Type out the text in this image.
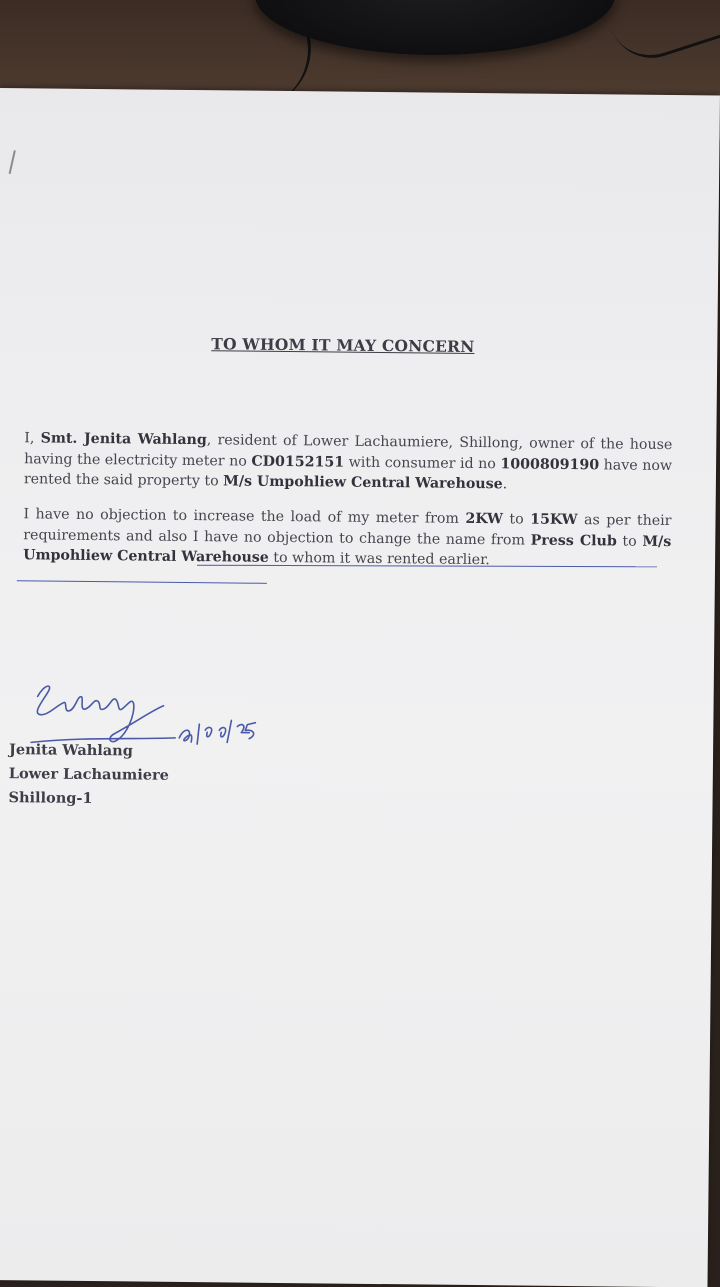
TO WHOM IT MAY CONCERN
I, Smt. Jenita Wahlang, resident of Lower Lachaumiere, Shillong, owner of the house having the electricity meter no CD0152151 with consumer id no 1000809190 have now rented the said property to M/s Umpohliew Central Warehouse.
I have no objection to increase the load of my meter from 2KW to 15KW as per their requirements and also I have no objection to change the name from Press Club to M/s Umpohliew Central Warehouse to whom it was rented earlier.
Jenita Wahlang
Lower Lachaumiere
Shillong-1
